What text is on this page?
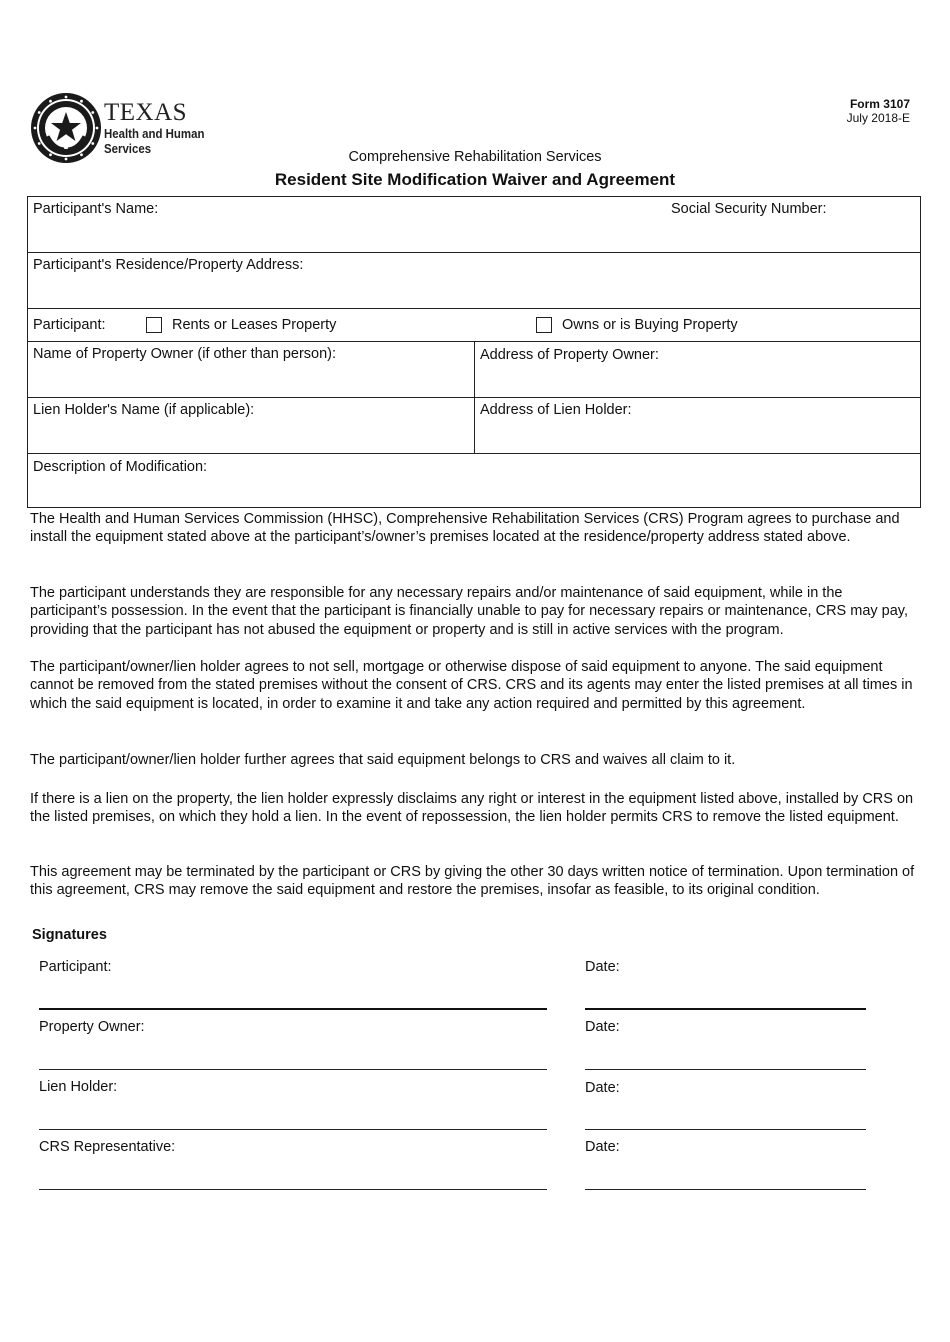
TEXAS
Health and Human
Services
Form 3107
July 2018-E
Comprehensive Rehabilitation Services
Resident Site Modification Waiver and Agreement
Participant's Name:	Social Security Number:
Participant's Residence/Property Address:
Participant:	Rents or Leases Property	Owns or is Buying Property
Name of Property Owner (if other than person):	Address of Property Owner:
Lien Holder's Name (if applicable):	Address of Lien Holder:
Description of Modification:
The Health and Human Services Commission (HHSC), Comprehensive Rehabilitation Services (CRS) Program agrees to purchase and install the equipment stated above at the participant’s/owner’s premises located at the residence/property address stated above.
The participant understands they are responsible for any necessary repairs and/or maintenance of said equipment, while in the participant’s possession. In the event that the participant is financially unable to pay for necessary repairs or maintenance, CRS may pay, providing that the participant has not abused the equipment or property and is still in active services with the program.
The participant/owner/lien holder agrees to not sell, mortgage or otherwise dispose of said equipment to anyone. The said equipment cannot be removed from the stated premises without the consent of CRS. CRS and its agents may enter the listed premises at all times in which the said equipment is located, in order to examine it and take any action required and permitted by this agreement.
The participant/owner/lien holder further agrees that said equipment belongs to CRS and waives all claim to it.
If there is a lien on the property, the lien holder expressly disclaims any right or interest in the equipment listed above, installed by CRS on the listed premises, on which they hold a lien. In the event of repossession, the lien holder permits CRS to remove the listed equipment.
This agreement may be terminated by the participant or CRS by giving the other 30 days written notice of termination. Upon termination of this agreement, CRS may remove the said equipment and restore the premises, insofar as feasible, to its original condition.
Signatures
Participant:	Date:
Property Owner:	Date:
Lien Holder:	Date:
CRS Representative:	Date:
